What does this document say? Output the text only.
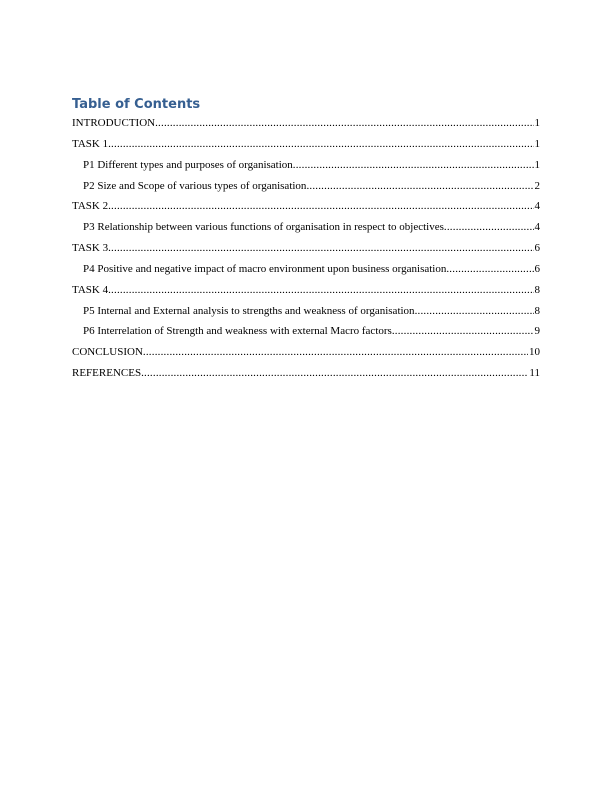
Table of Contents
INTRODUCTION .....	1
TASK 1 .....	1
P1 Different types and purposes of organisation .....	1
P2 Size and Scope of various types of organisation .....	2
TASK 2 .....	4
P3 Relationship between various functions of organisation in respect to objectives .....	4
TASK 3 .....	6
P4 Positive and negative impact of macro environment upon business organisation .....	6
TASK 4 .....	8
P5 Internal and External analysis to strengths and weakness of organisation .....	8
P6 Interrelation of Strength and weakness with external Macro factors .....	9
CONCLUSION .....	10
REFERENCES .....	11
